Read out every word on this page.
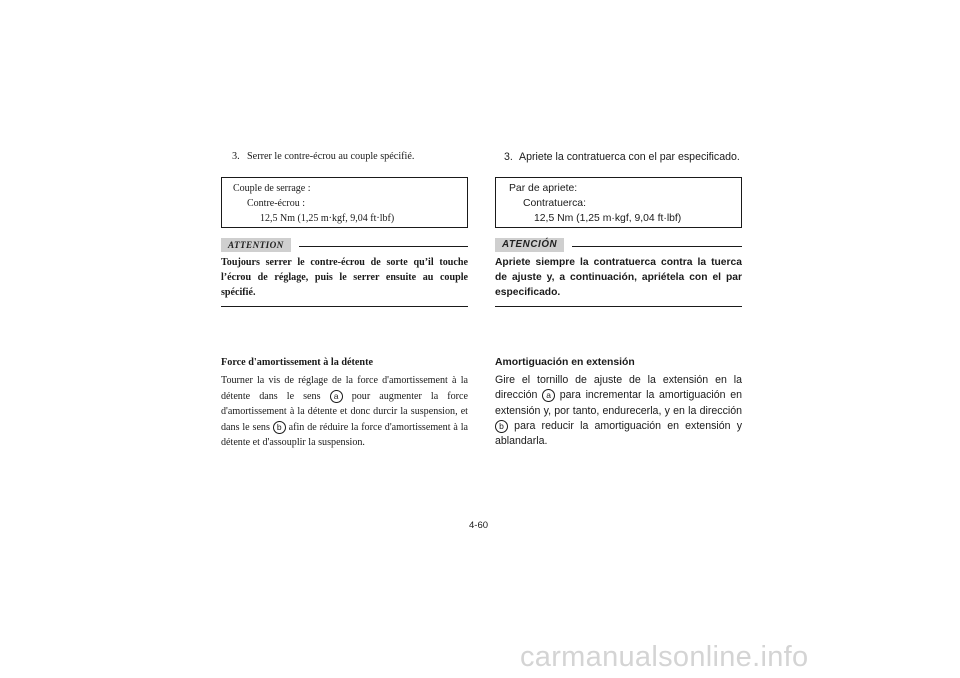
3. Serrer le contre-écrou au couple spécifié.
Couple de serrage :
Contre-écrou :
12,5 Nm (1,25 m·kgf, 9,04 ft·lbf)
ATTENTION
Toujours serrer le contre-écrou de sorte qu’il touche l’écrou de réglage, puis le serrer ensuite au couple spécifié.
Force d'amortissement à la détente
Tourner la vis de réglage de la force d'amortissement à la détente dans le sens a pour augmenter la force d'amortissement à la détente et donc durcir la suspension, et dans le sens b afin de réduire la force d'amortissement à la détente et d'assouplir la suspension.
3. Apriete la contratuerca con el par especificado.
Par de apriete:
Contratuerca:
12,5 Nm (1,25 m·kgf, 9,04 ft·lbf)
ATENCIÓN
Apriete siempre la contratuerca contra la tuerca de ajuste y, a continuación, apriétela con el par especificado.
Amortiguación en extensión
Gire el tornillo de ajuste de la extensión en la dirección a para incrementar la amortiguación en extensión y, por tanto, endurecerla, y en la dirección b para reducir la amortiguación en extensión y ablandarla.
4-60
carmanualsonline.info
